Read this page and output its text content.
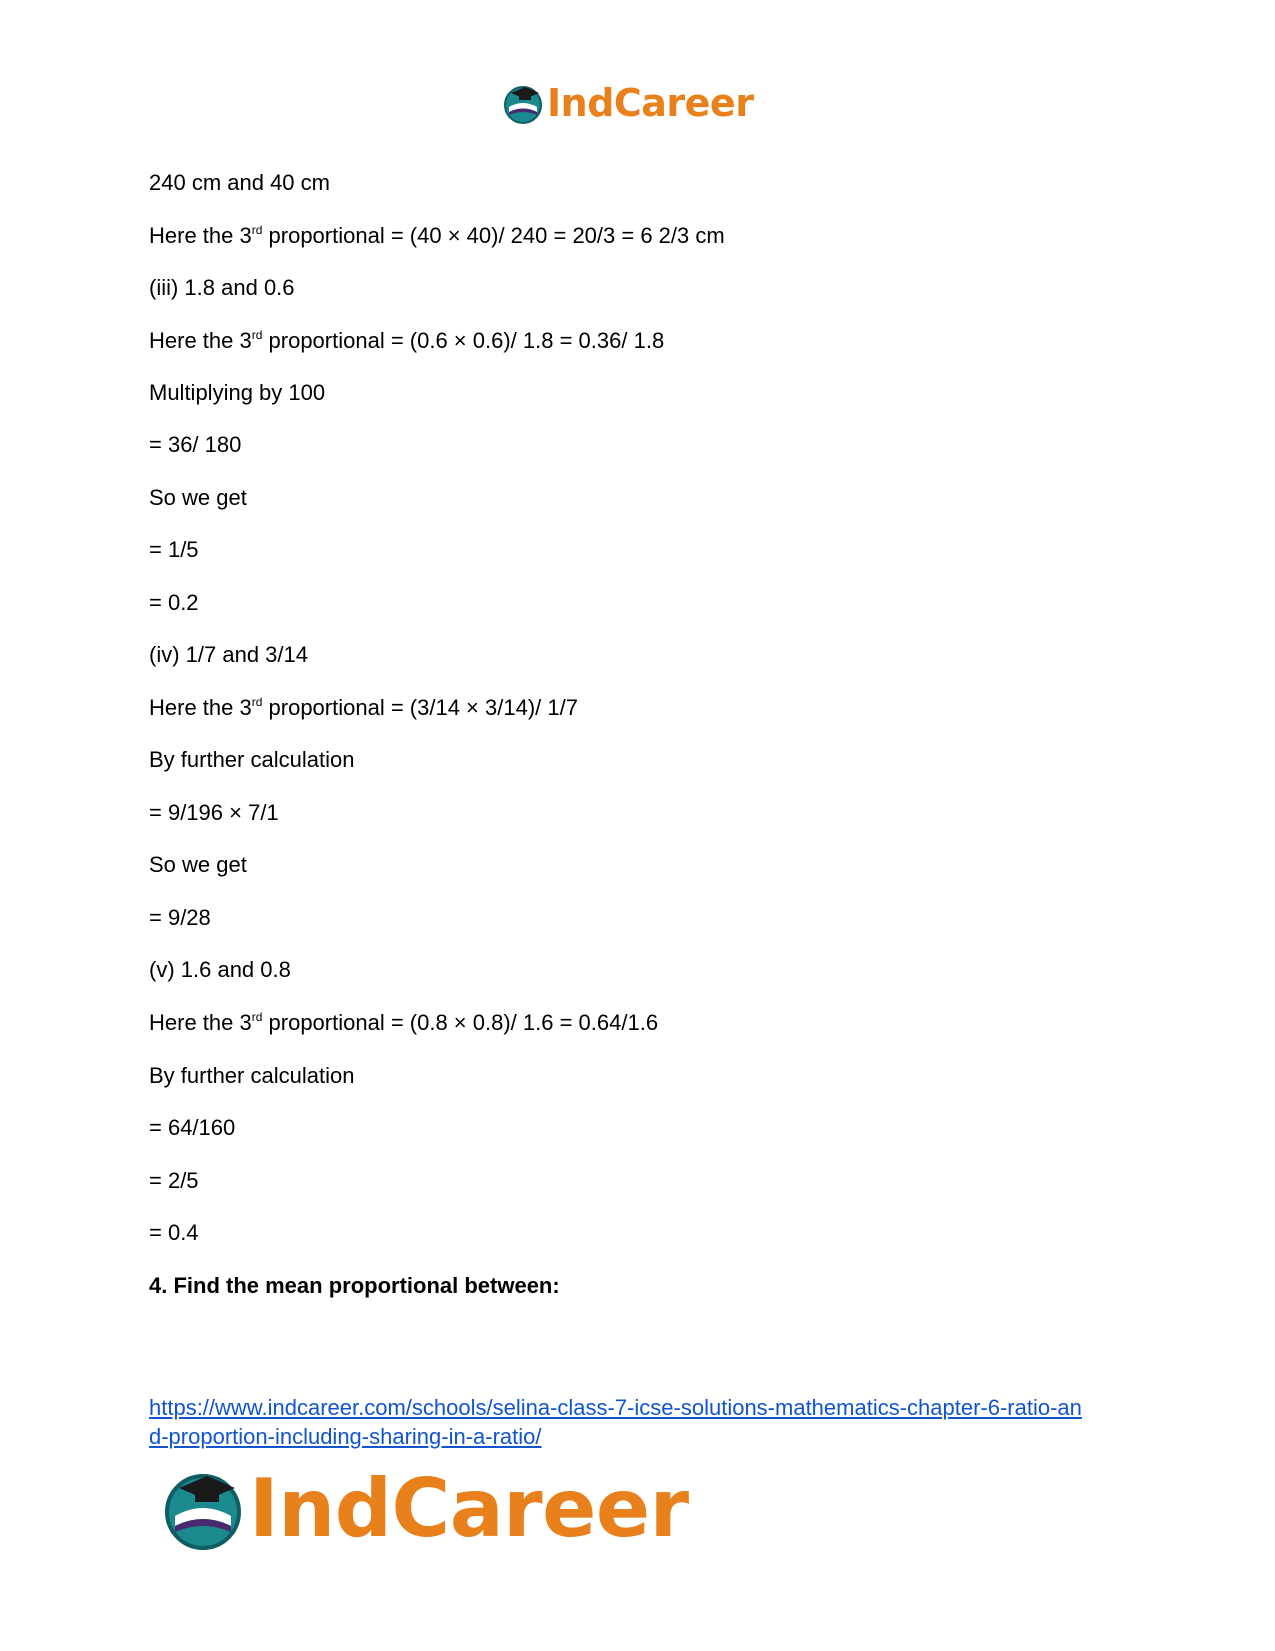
IndCareer
240 cm and 40 cm
Here the 3rd proportional = (40 × 40)/ 240 = 20/3 = 6 2/3 cm
(iii) 1.8 and 0.6
Here the 3rd proportional = (0.6 × 0.6)/ 1.8 = 0.36/ 1.8
Multiplying by 100
= 36/ 180
So we get
= 1/5
= 0.2
(iv) 1/7 and 3/14
Here the 3rd proportional = (3/14 × 3/14)/ 1/7
By further calculation
= 9/196 × 7/1
So we get
= 9/28
(v) 1.6 and 0.8
Here the 3rd proportional = (0.8 × 0.8)/ 1.6 = 0.64/1.6
By further calculation
= 64/160
= 2/5
= 0.4
4. Find the mean proportional between:
https://www.indcareer.com/schools/selina-class-7-icse-solutions-mathematics-chapter-6-ratio-an
d-proportion-including-sharing-in-a-ratio/
IndCareer
